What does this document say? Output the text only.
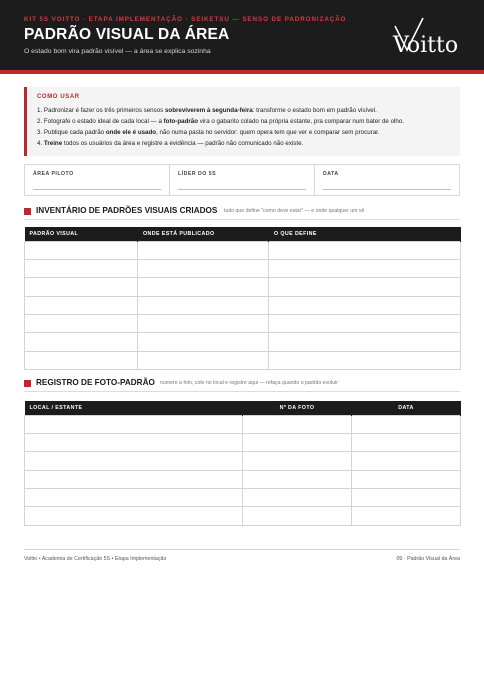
KIT 5S VOITTO · ETAPA IMPLEMENTAÇÃO · SEIKETSU — SENSO DE PADRONIZAÇÃO
PADRÃO VISUAL DA ÁREA
O estado bom vira padrão visível — a área se explica sozinha	Voitto
COMO USAR
1. Padronizar é fazer os três primeiros sensos sobreviverem à segunda-feira: transforme o estado bom em padrão visível.
2. Fotografe o estado ideal de cada local — a foto-padrão vira o gabarito colado na própria estante, pra comparar num bater de olho.
3. Publique cada padrão onde ele é usado, não numa pasta no servidor: quem opera tem que ver e comparar sem procurar.
4. Treine todos os usuários da área e registre a evidência — padrão não comunicado não existe.
ÁREA PILOTO	LÍDER DO 5S	DATA
INVENTÁRIO DE PADRÕES VISUAIS CRIADOS tudo que define "como deve estar" — e onde qualquer um vê
PADRÃO VISUAL	ONDE ESTÁ PUBLICADO	O QUE DEFINE

REGISTRO DE FOTO-PADRÃO numere a foto, cole no local e registre aqui — refaça quando o padrão evoluir
LOCAL / ESTANTE	Nº DA FOTO	DATA

Voitto • Academia de Certificação 5S • Etapa Implementação	09 · Padrão Visual da Área
